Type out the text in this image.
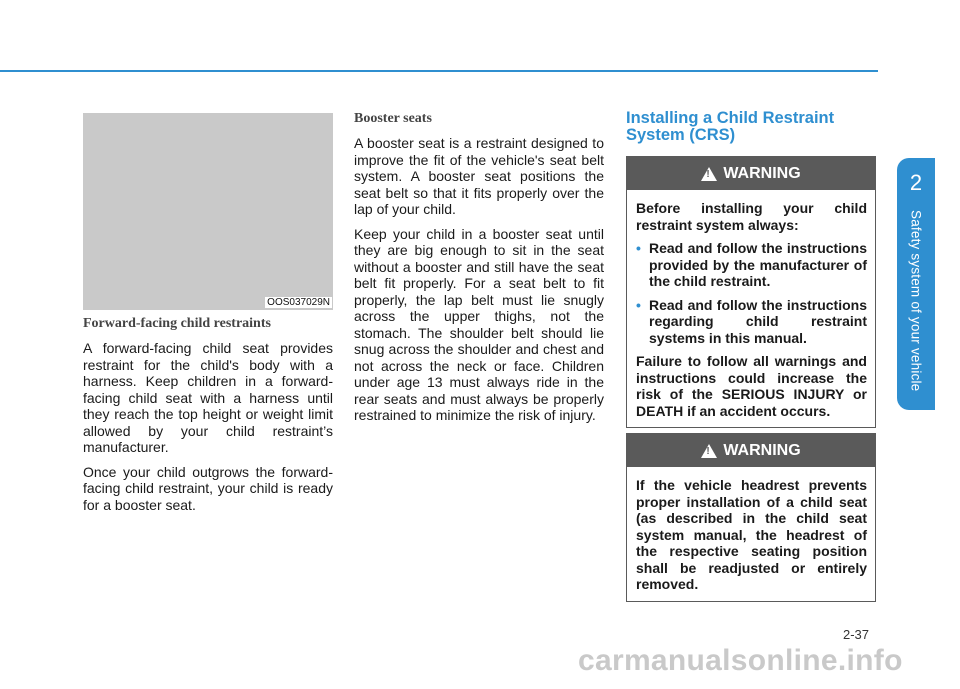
OOS037029N
Forward-facing child restraints

A forward-facing child seat provides restraint for the child's body with a harness. Keep children in a forward-facing child seat with a harness until they reach the top height or weight limit allowed by your child restraint’s manufacturer.

Once your child outgrows the forward-facing child restraint, your child is ready for a booster seat.

Booster seats

A booster seat is a restraint designed to improve the fit of the vehicle's seat belt system. A booster seat positions the seat belt so that it fits properly over the lap of your child.

Keep your child in a booster seat until they are big enough to sit in the seat without a booster and still have the seat belt fit properly. For a seat belt to fit properly, the lap belt must lie snugly across the upper thighs, not the stomach. The shoulder belt should lie snug across the shoulder and chest and not across the neck or face. Children under age 13 must always ride in the rear seats and must always be properly restrained to minimize the risk of injury.

Installing a Child Restraint System (CRS)
!
WARNING

Before installing your child restraint system always:

• Read and follow the instructions provided by the manufacturer of the child restraint.
• Read and follow the instructions regarding child restraint systems in this manual.

Failure to follow all warnings and instructions could increase the risk of the SERIOUS INJURY or DEATH if an accident occurs.

!
WARNING

If the vehicle headrest prevents proper installation of a child seat (as described in the child seat system manual, the headrest of the respective seating position shall be readjusted or entirely removed.

2
Safety system of your vehicle
2-37
carmanualsonline.info
